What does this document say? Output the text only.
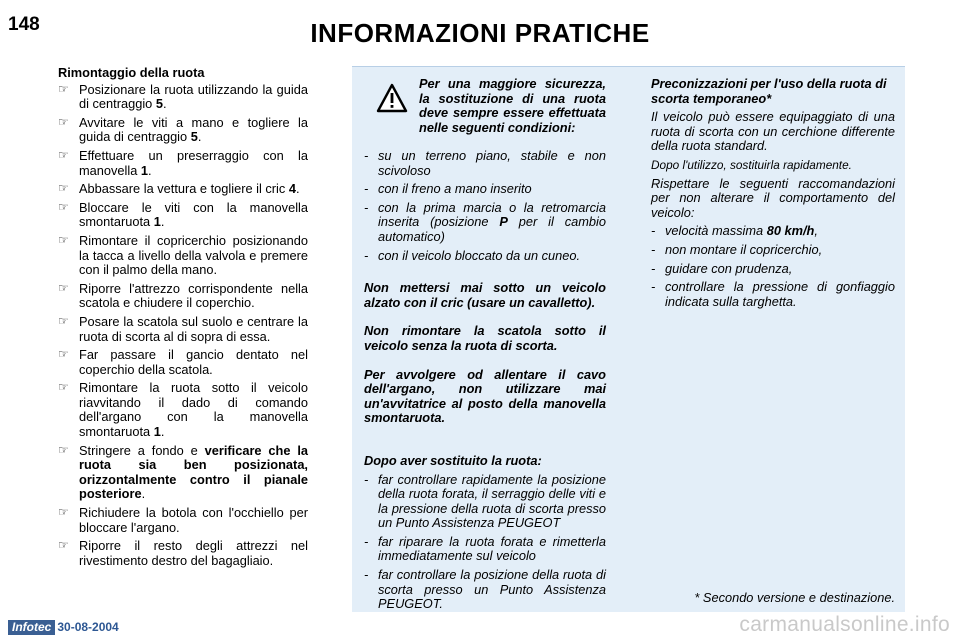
148	INFORMAZIONI PRATICHE
Rimontaggio della ruota
☞ Posizionare la ruota utilizzando la guida di centraggio 5.
☞ Avvitare le viti a mano e togliere la guida di centraggio 5.
☞ Effettuare un preserraggio con la manovella 1.
☞ Abbassare la vettura e togliere il cric 4.
☞ Bloccare le viti con la manovella smontaruota 1.
☞ Rimontare il copricerchio posizionando la tacca a livello della valvola e premere con il palmo della mano.
☞ Riporre l'attrezzo corrispondente nella scatola e chiudere il coperchio.
☞ Posare la scatola sul suolo e centrare la ruota di scorta al di sopra di essa.
☞ Far passare il gancio dentato nel coperchio della scatola.
☞ Rimontare la ruota sotto il veicolo riavvitando il dado di comando dell'argano con la manovella smontaruota 1.
☞ Stringere a fondo e verificare che la ruota sia ben posizionata, orizzontalmente contro il pianale posteriore.
☞ Richiudere la botola con l'occhiello per bloccare l'argano.
☞ Riporre il resto degli attrezzi nel rivestimento destro del bagagliaio.
Per una maggiore sicurezza, la sostituzione di una ruota deve sempre essere effettuata nelle seguenti condizioni:
- su un terreno piano, stabile e non scivoloso
- con il freno a mano inserito
- con la prima marcia o la retromarcia inserita (posizione P per il cambio automatico)
- con il veicolo bloccato da un cuneo.
Non mettersi mai sotto un veicolo alzato con il cric (usare un cavalletto).
Non rimontare la scatola sotto il veicolo senza la ruota di scorta.
Per avvolgere od allentare il cavo dell'argano, non utilizzare mai un'avvitatrice al posto della manovella smontaruota.
Dopo aver sostituito la ruota:
- far controllare rapidamente la posizione della ruota forata, il serraggio delle viti e la pressione della ruota di scorta presso un Punto Assistenza PEUGEOT
- far riparare la ruota forata e rimetterla immediatamente sul veicolo
- far controllare la posizione della ruota di scorta presso un Punto Assistenza PEUGEOT.
Preconizzazioni per l'uso della ruota di scorta temporaneo*
Il veicolo può essere equipaggiato di una ruota di scorta con un cerchione differente della ruota standard.
Dopo l'utilizzo, sostituirla rapidamente.
Rispettare le seguenti raccomandazioni per non alterare il comportamento del veicolo:
- velocità massima 80 km/h,
- non montare il copricerchio,
- guidare con prudenza,
- controllare la pressione di gonfiaggio indicata sulla targhetta.
* Secondo versione e destinazione.
Infotec 30-08-2004	carmanualsonline.info
